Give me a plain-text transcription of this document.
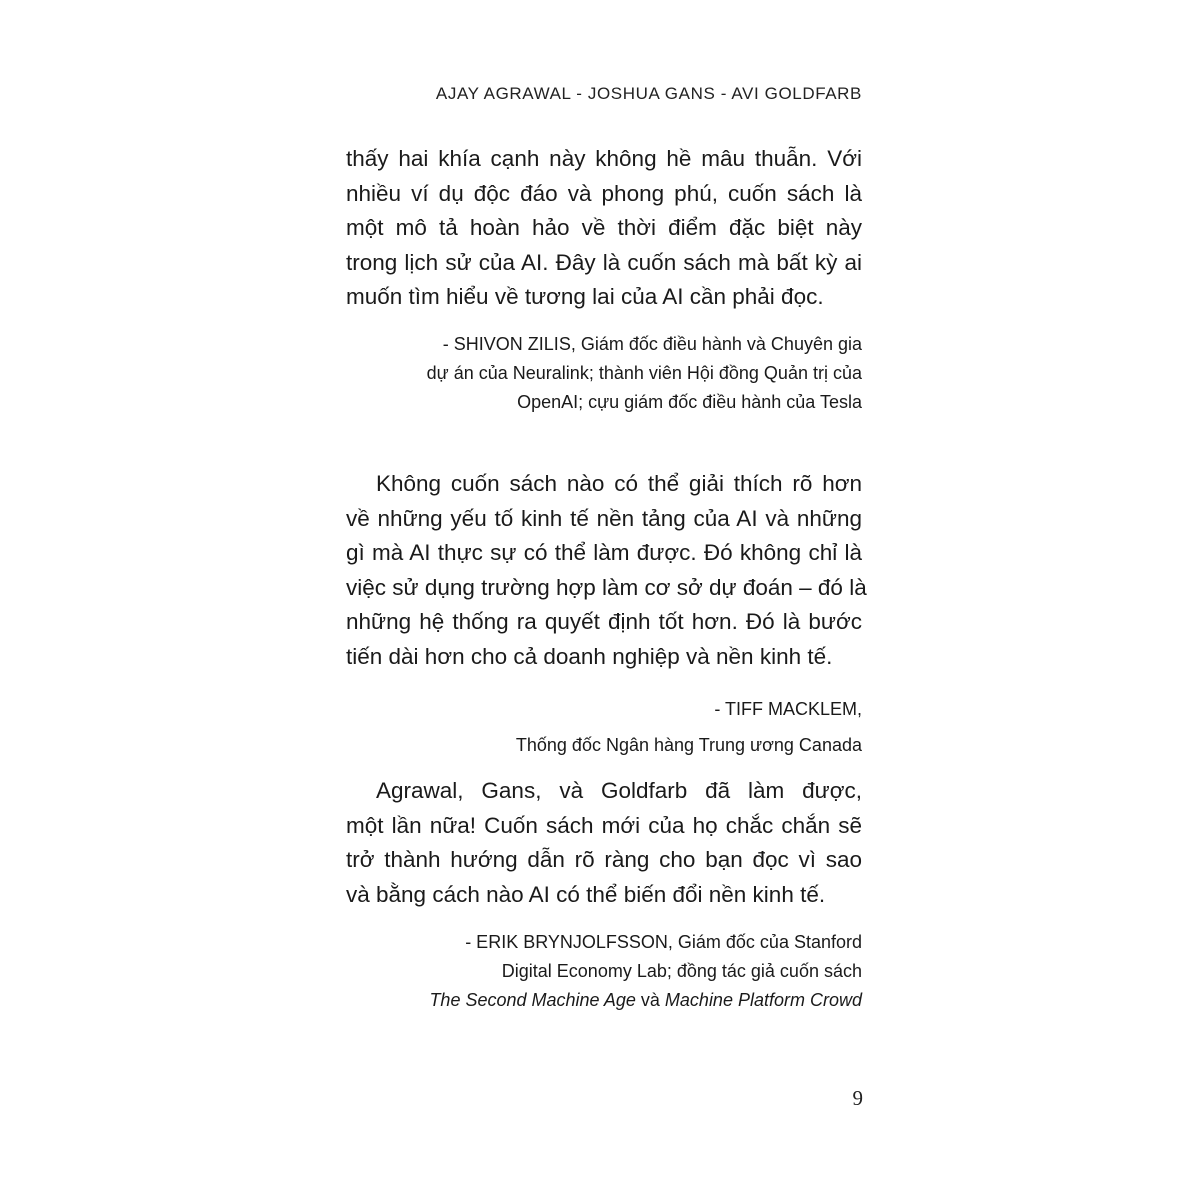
AJAY AGRAWAL - JOSHUA GANS - AVI GOLDFARB

thấy hai khía cạnh này không hề mâu thuẫn. Với
nhiều ví dụ độc đáo và phong phú, cuốn sách là
một mô tả hoàn hảo về thời điểm đặc biệt này
trong lịch sử của AI. Đây là cuốn sách mà bất kỳ ai
muốn tìm hiểu về tương lai của AI cần phải đọc.

- SHIVON ZILIS, Giám đốc điều hành và Chuyên gia
dự án của Neuralink; thành viên Hội đồng Quản trị của
OpenAI; cựu giám đốc điều hành của Tesla

Không cuốn sách nào có thể giải thích rõ hơn
về những yếu tố kinh tế nền tảng của AI và những
gì mà AI thực sự có thể làm được. Đó không chỉ là
việc sử dụng trường hợp làm cơ sở dự đoán – đó là
những hệ thống ra quyết định tốt hơn. Đó là bước
tiến dài hơn cho cả doanh nghiệp và nền kinh tế.

- TIFF MACKLEM,
Thống đốc Ngân hàng Trung ương Canada

Agrawal, Gans, và Goldfarb đã làm được,
một lần nữa! Cuốn sách mới của họ chắc chắn sẽ
trở thành hướng dẫn rõ ràng cho bạn đọc vì sao
và bằng cách nào AI có thể biến đổi nền kinh tế.

- ERIK BRYNJOLFSSON, Giám đốc của Stanford
Digital Economy Lab; đồng tác giả cuốn sách
The Second Machine Age và Machine Platform Crowd

9
